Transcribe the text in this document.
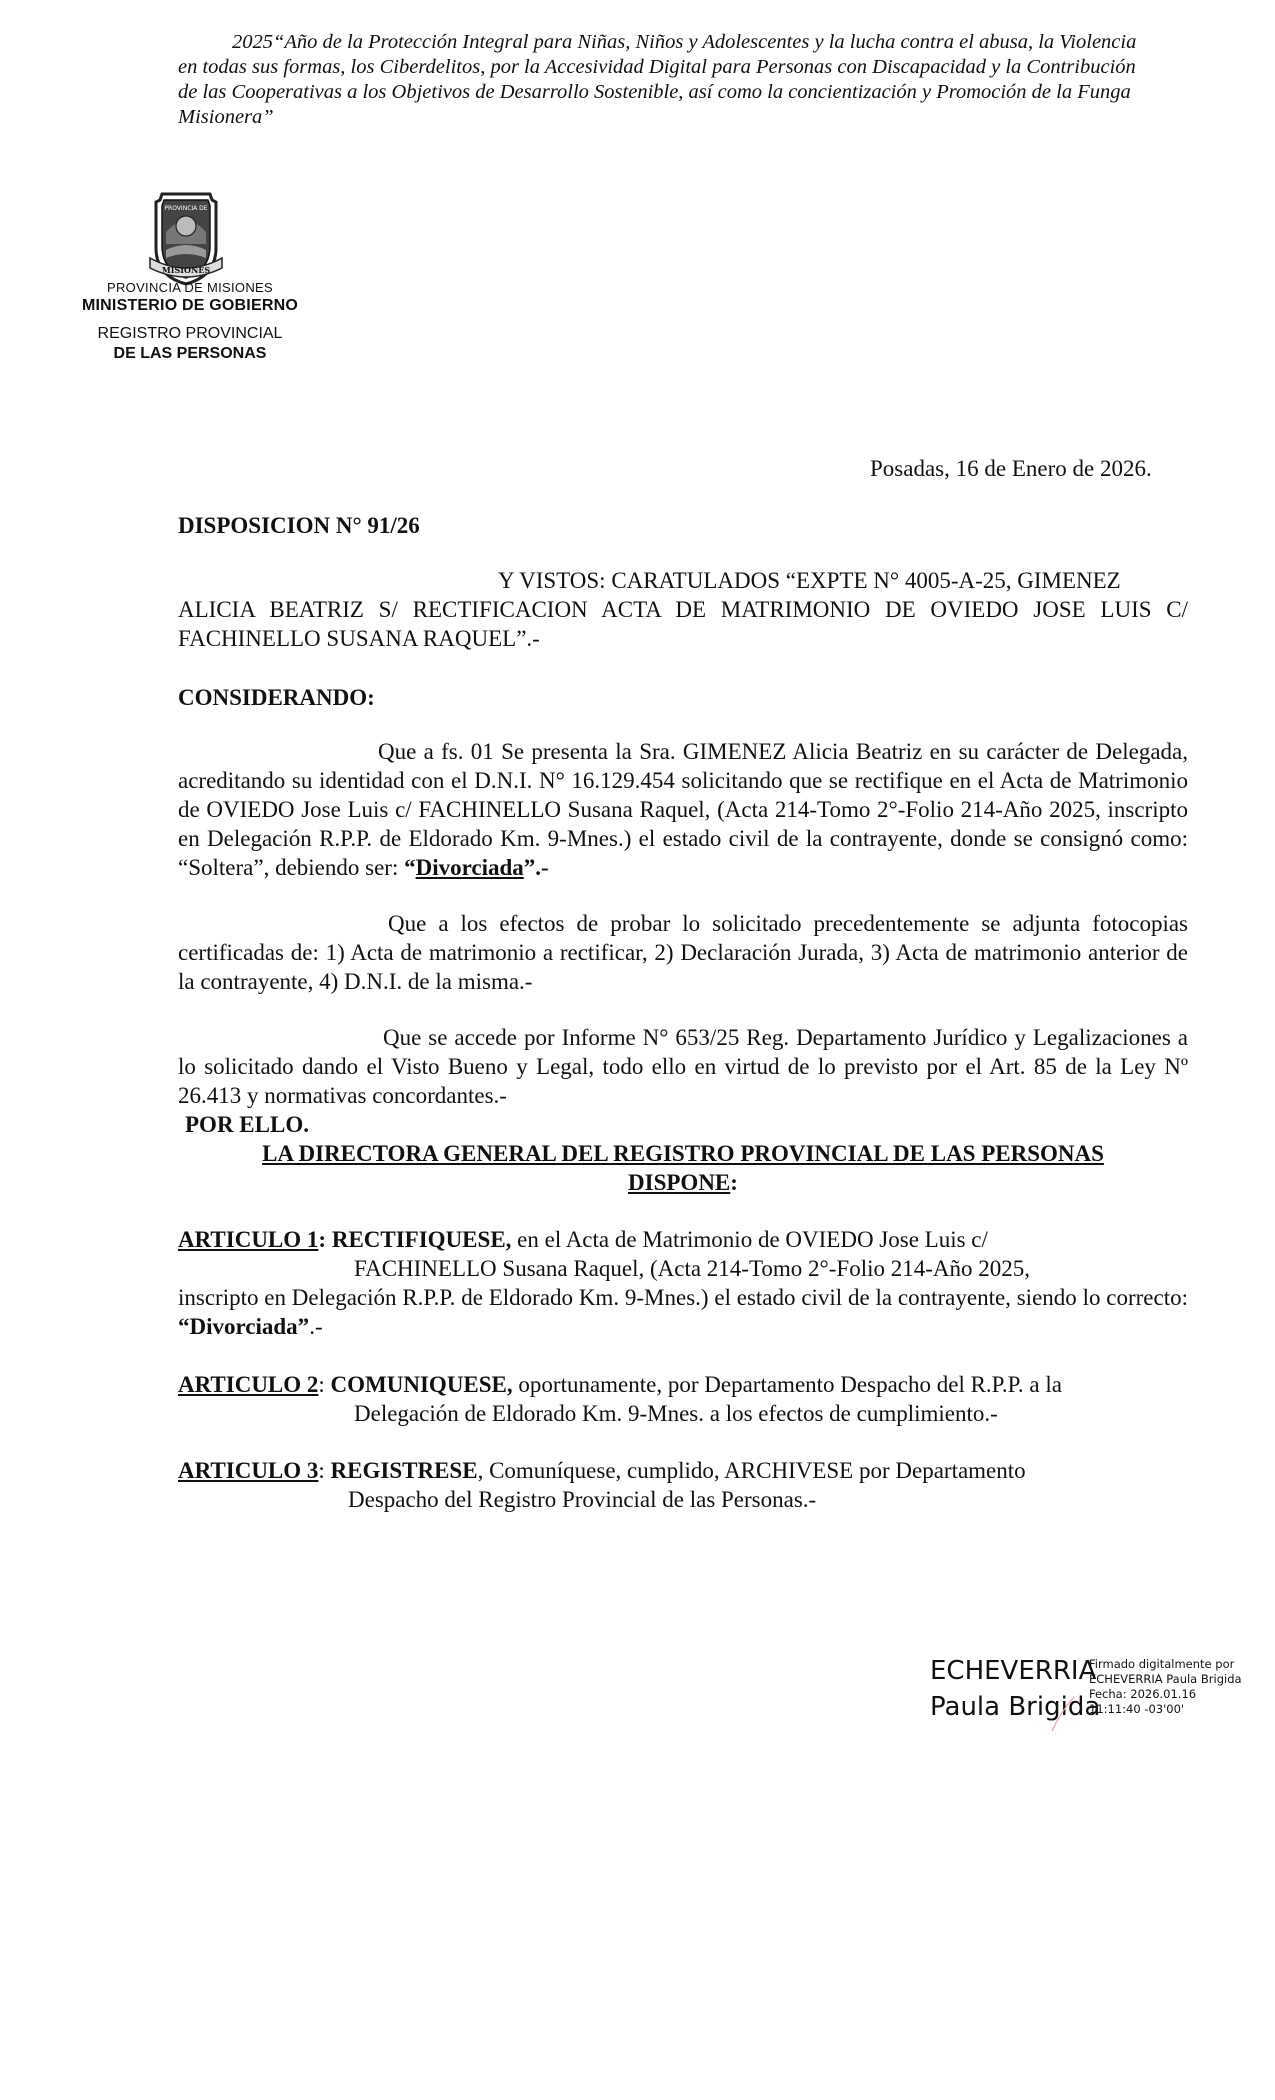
2025“Año de la Protección Integral para Niñas, Niños y Adolescentes y la lucha contra el abusa, la Violencia en todas sus formas, los Ciberdelitos, por la Accesividad Digital para Personas con Discapacidad y la Contribución de las Cooperativas a los Objetivos de Desarrollo Sostenible, así como la concientización y Promoción de la Funga Misionera”
PROVINCIA DE
MISIONES
PROVINCIA DE MISIONES
MINISTERIO DE GOBIERNO
REGISTRO PROVINCIAL
DE LAS PERSONAS
Posadas, 16 de Enero de 2026.
DISPOSICION N° 91/26
Y VISTOS: CARATULADOS “EXPTE N° 4005-A-25, GIMENEZ
ALICIA BEATRIZ S/ RECTIFICACION ACTA DE MATRIMONIO DE OVIEDO JOSE LUIS C/ FACHINELLO SUSANA RAQUEL”.-
CONSIDERANDO:
Que a fs. 01 Se presenta la Sra. GIMENEZ Alicia Beatriz en su carácter de Delegada, acreditando su identidad con el D.N.I. N° 16.129.454 solicitando que se rectifique en el Acta de Matrimonio de OVIEDO Jose Luis c/ FACHINELLO Susana Raquel, (Acta 214-Tomo 2°-Folio 214-Año 2025, inscripto en Delegación R.P.P. de Eldorado Km. 9-Mnes.) el estado civil de la contrayente, donde se consignó como: “Soltera”, debiendo ser: “Divorciada”.-
Que a los efectos de probar lo solicitado precedentemente se adjunta fotocopias certificadas de: 1) Acta de matrimonio a rectificar, 2) Declaración Jurada, 3) Acta de matrimonio anterior de la contrayente, 4) D.N.I. de la misma.-
Que se accede por Informe N° 653/25 Reg. Departamento Jurídico y Legalizaciones a lo solicitado dando el Visto Bueno y Legal, todo ello en virtud de lo previsto por el Art. 85 de la Ley Nº 26.413 y normativas concordantes.-
POR ELLO.
LA DIRECTORA GENERAL DEL REGISTRO PROVINCIAL DE LAS PERSONAS
DISPONE:
ARTICULO 1: RECTIFIQUESE, en el Acta de Matrimonio de OVIEDO Jose Luis c/
FACHINELLO Susana Raquel, (Acta 214-Tomo 2°-Folio 214-Año 2025,
inscripto en Delegación R.P.P. de Eldorado Km. 9-Mnes.) el estado civil de la contrayente, siendo lo correcto: “Divorciada”.-
ARTICULO 2: COMUNIQUESE, oportunamente, por Departamento Despacho del R.P.P. a la
Delegación de Eldorado Km. 9-Mnes. a los efectos de cumplimiento.-
ARTICULO 3: REGISTRESE, Comuníquese, cumplido, ARCHIVESE por Departamento
Despacho del Registro Provincial de las Personas.-
ECHEVERRIA
Paula Brigida
Firmado digitalmente por
ECHEVERRIA Paula Brigida
Fecha: 2026.01.16
11:11:40 -03'00'
